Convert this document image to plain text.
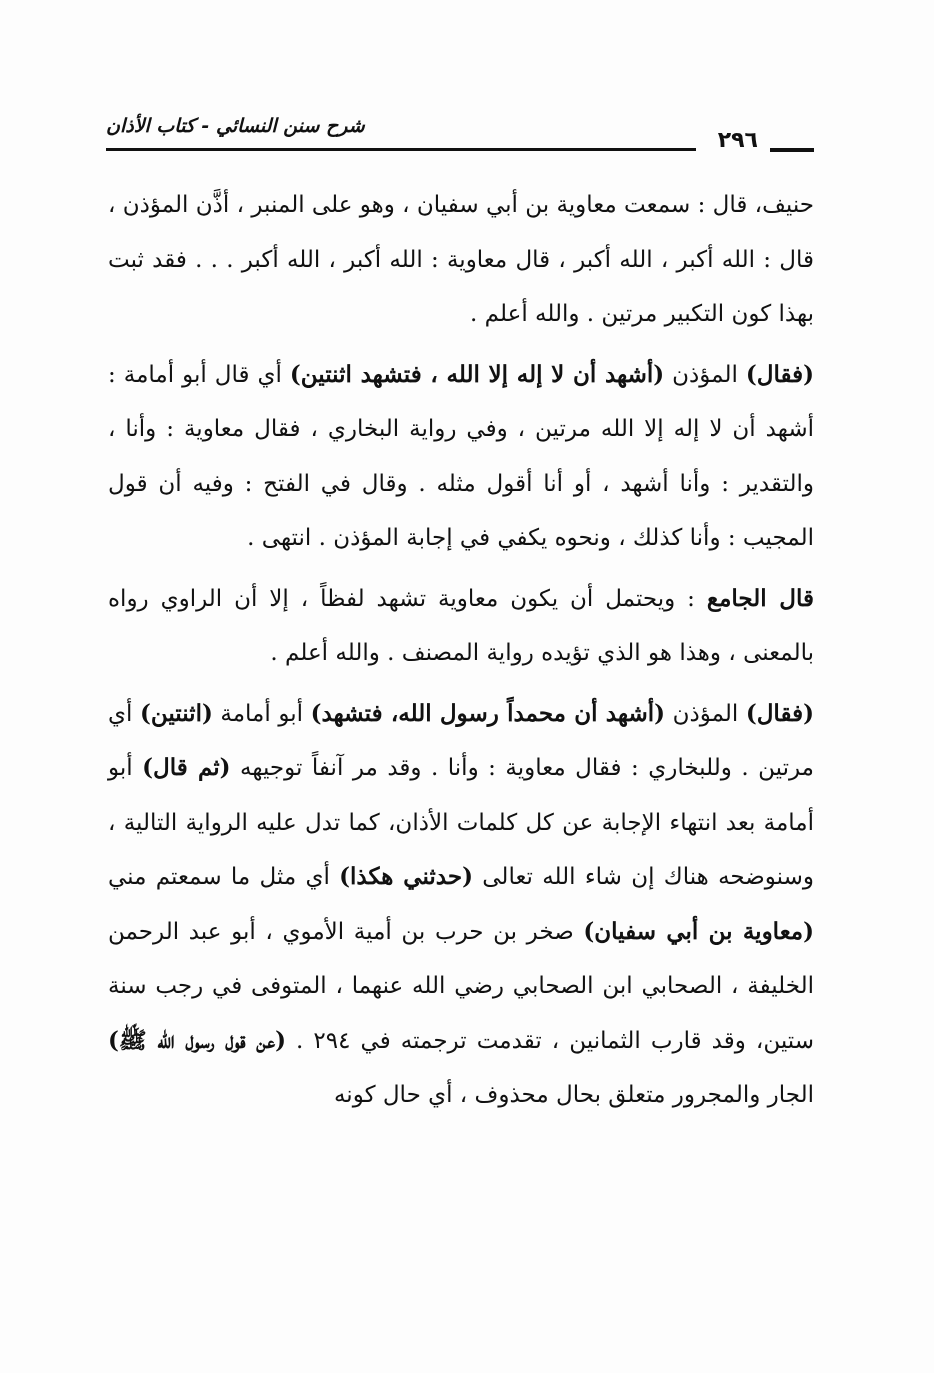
شرح سنن النسائي - كتاب الأذان
٢٩٦

حنيف، قال : سمعت معاوية بن أبي سفيان ، وهو على المنبر ، أذَّن المؤذن ، قال : الله أكبر ، الله أكبر ، قال معاوية : الله أكبر ، الله أكبر . . . فقد ثبت بهذا كون التكبير مرتين . والله أعلم .

(فقال) المؤذن (أشهد أن لا إله إلا الله ، فتشهد اثنتين) أي قال أبو أمامة : أشهد أن لا إله إلا الله مرتين ، وفي رواية البخاري ، فقال معاوية : وأنا ، والتقدير : وأنا أشهد ، أو أنا أقول مثله . وقال في الفتح : وفيه أن قول المجيب : وأنا كذلك ، ونحوه يكفي في إجابة المؤذن . انتهى .

قال الجامع : ويحتمل أن يكون معاوية تشهد لفظاً ، إلا أن الراوي رواه بالمعنى ، وهذا هو الذي تؤيده رواية المصنف . والله أعلم .

(فقال) المؤذن (أشهد أن محمداً رسول الله، فتشهد) أبو أمامة (اثنتين) أي مرتين . وللبخاري : فقال معاوية : وأنا . وقد مر آنفاً توجيهه (ثم قال) أبو أمامة بعد انتهاء الإجابة عن كل كلمات الأذان، كما تدل عليه الرواية التالية ، وسنوضحه هناك إن شاء الله تعالى (حدثني هكذا) أي مثل ما سمعتم مني (معاوية بن أبي سفيان) صخر بن حرب بن أمية الأموي ، أبو عبد الرحمن الخليفة ، الصحابي ابن الصحابي رضي الله عنهما ، المتوفى في رجب سنة ستين، وقد قارب الثمانين ، تقدمت ترجمته في ٢٩٤ . (عن قول رسول الله ﷺ) الجار والمجرور متعلق بحال محذوف ، أي حال كونه
